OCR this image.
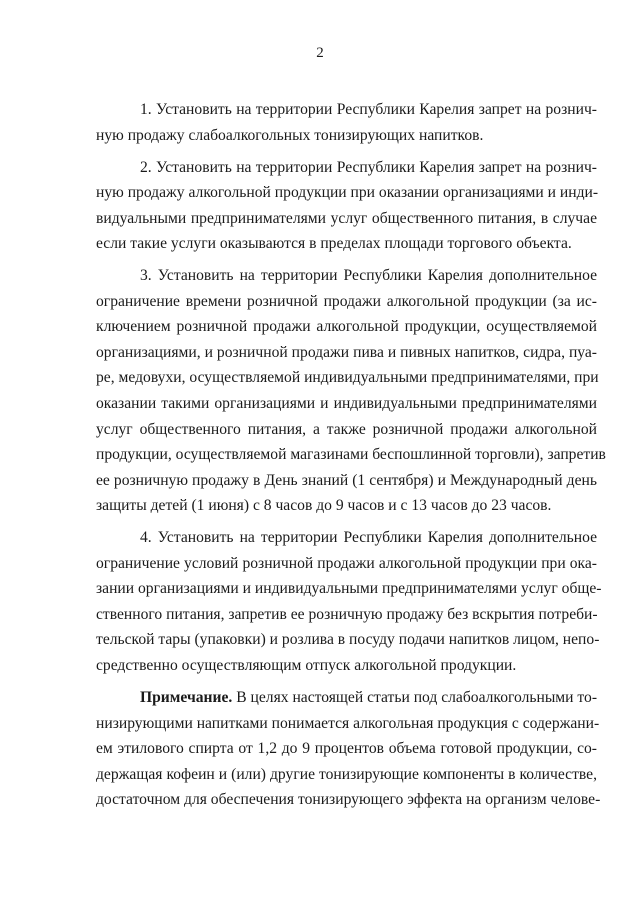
2
1. Установить на территории Республики Карелия запрет на рознич-
ную продажу слабоалкогольных тонизирующих напитков.
2. Установить на территории Республики Карелия запрет на рознич-
ную продажу алкогольной продукции при оказании организациями и инди-
видуальными предпринимателями услуг общественного питания, в случае
если такие услуги оказываются в пределах площади торгового объекта.
3. Установить на территории Республики Карелия дополнительное
ограничение времени розничной продажи алкогольной продукции (за ис-
ключением розничной продажи алкогольной продукции, осуществляемой
организациями, и розничной продажи пива и пивных напитков, сидра, пуа-
ре, медовухи, осуществляемой индивидуальными предпринимателями, при
оказании такими организациями и индивидуальными предпринимателями
услуг общественного питания, а также розничной продажи алкогольной
продукции, осуществляемой магазинами беспошлинной торговли), запретив
ее розничную продажу в День знаний (1 сентября) и Международный день
защиты детей (1 июня) с 8 часов до 9 часов и с 13 часов до 23 часов.
4. Установить на территории Республики Карелия дополнительное
ограничение условий розничной продажи алкогольной продукции при ока-
зании организациями и индивидуальными предпринимателями услуг обще-
ственного питания, запретив ее розничную продажу без вскрытия потреби-
тельской тары (упаковки) и розлива в посуду подачи напитков лицом, непо-
средственно осуществляющим отпуск алкогольной продукции.
Примечание. В целях настоящей статьи под слабоалкогольными то-
низирующими напитками понимается алкогольная продукция с содержани-
ем этилового спирта от 1,2 до 9 процентов объема готовой продукции, со-
держащая кофеин и (или) другие тонизирующие компоненты в количестве,
достаточном для обеспечения тонизирующего эффекта на организм челове-
